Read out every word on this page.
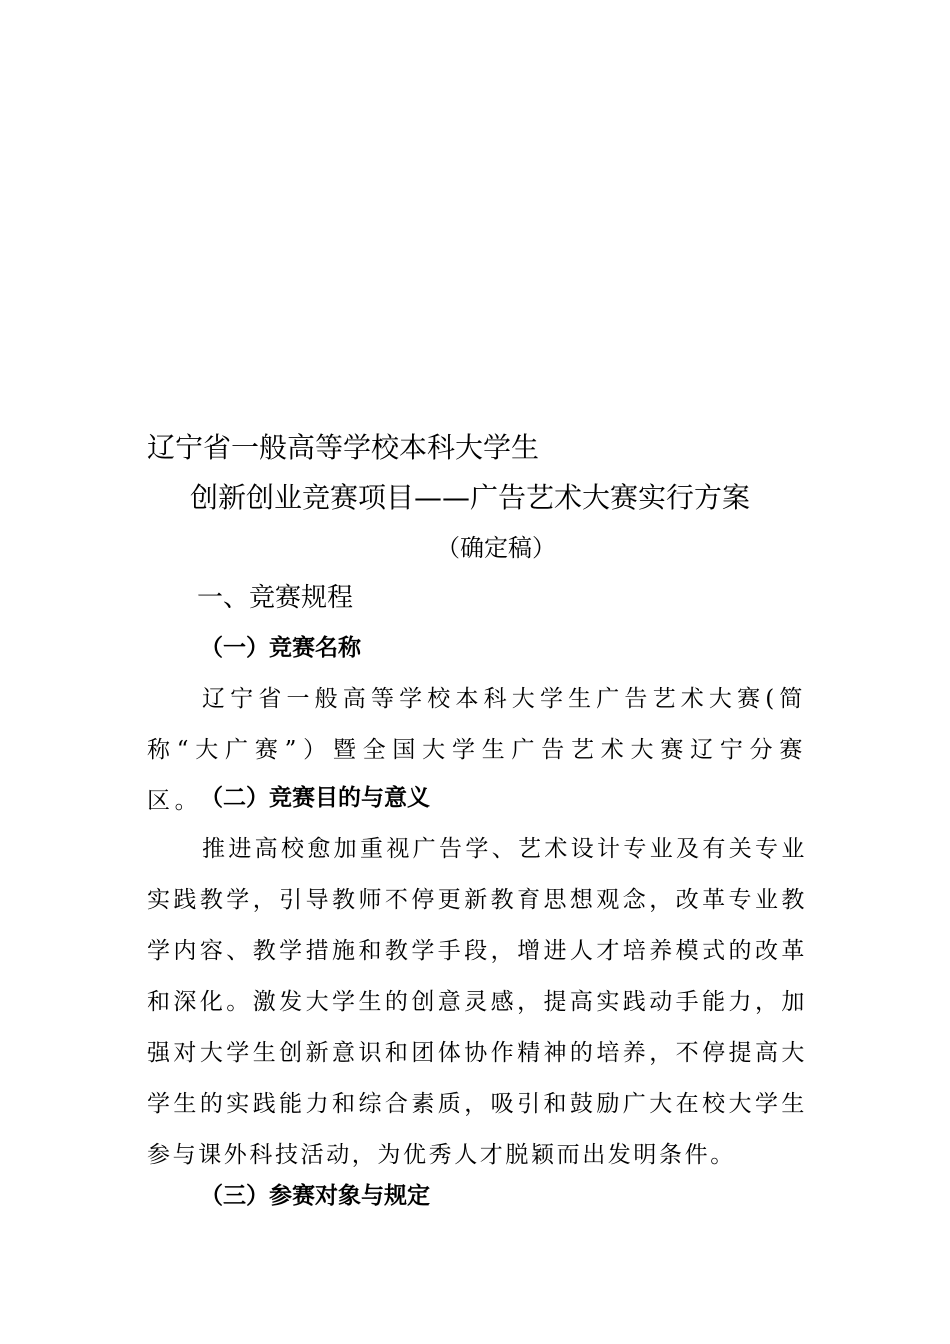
辽宁省一般高等学校本科大学生
创新创业竞赛项目——广告艺术大赛实行方案
（确定稿）
一、竞赛规程
（一）竞赛名称

辽宁省一般高等学校本科大学生广告艺术大赛(简称“大广赛”）暨全国大学生广告艺术大赛辽宁分赛区。

（二）竞赛目的与意义

推进高校愈加重视广告学、艺术设计专业及有关专业实践教学，引导教师不停更新教育思想观念，改革专业教学内容、教学措施和教学手段，增进人才培养模式的改革和深化。激发大学生的创意灵感，提高实践动手能力，加强对大学生创新意识和团体协作精神的培养，不停提高大学生的实践能力和综合素质，吸引和鼓励广大在校大学生参与课外科技活动，为优秀人才脱颖而出发明条件。

（三）参赛对象与规定
